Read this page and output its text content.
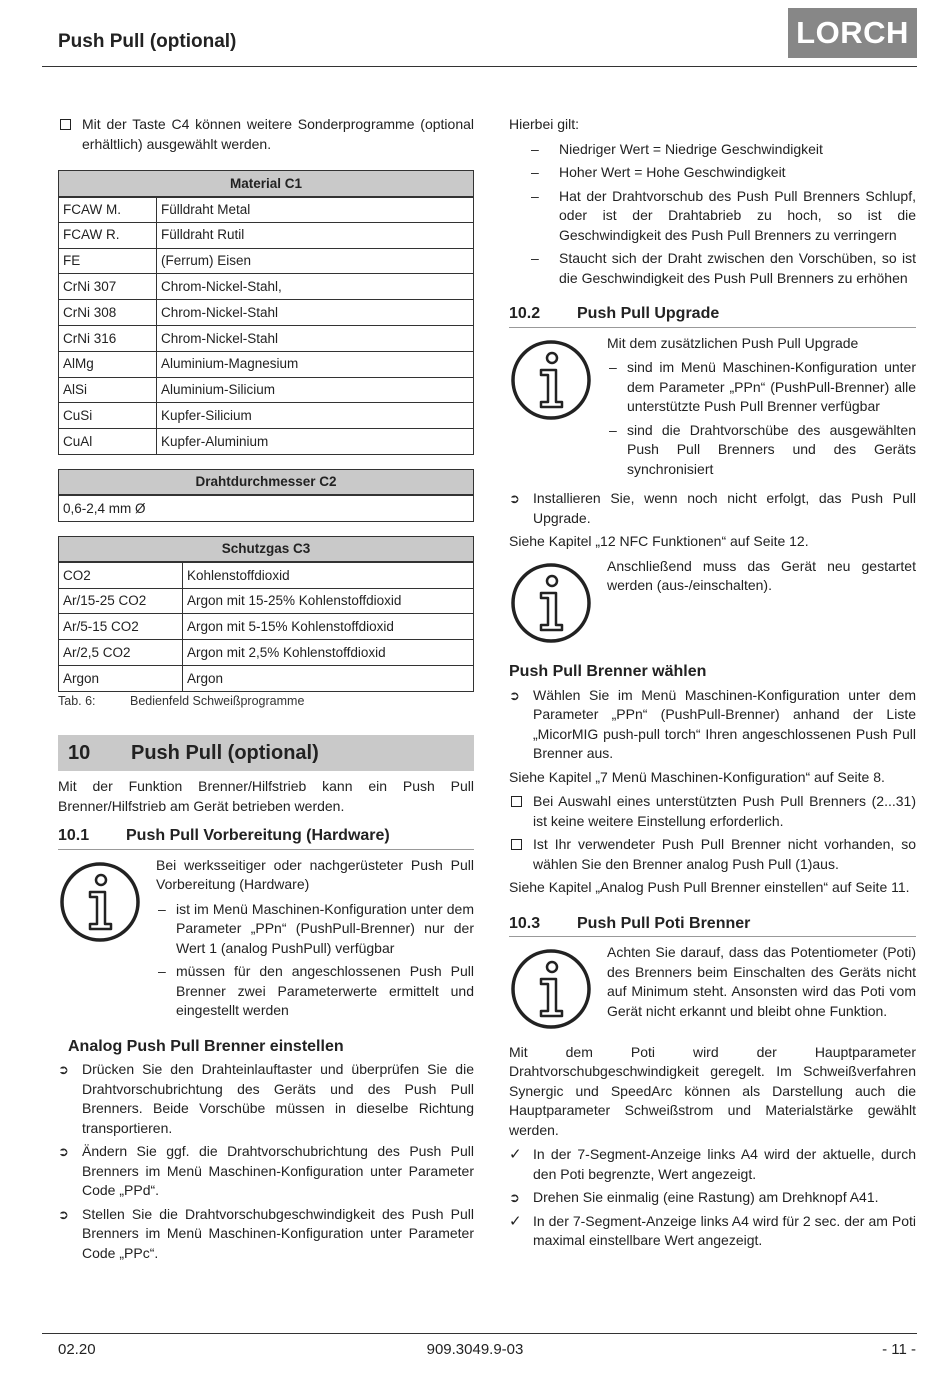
Push Pull (optional)	LORCH
Mit der Taste C4 können weitere Sonderprogramme (optional erhältlich) ausgewählt werden.
Material C1	
FCAW M.	Fülldraht Metal
FCAW R.	Fülldraht Rutil
FE	(Ferrum) Eisen
CrNi 307	Chrom-Nickel-Stahl,
CrNi 308	Chrom-Nickel-Stahl
CrNi 316	Chrom-Nickel-Stahl
AlMg	Aluminium-Magnesium
AlSi	Aluminium-Silicium
CuSi	Kupfer-Silicium
CuAl	Kupfer-Aluminium
Drahtdurchmesser C2
0,6-2,4 mm Ø
Schutzgas C3	
CO2	Kohlenstoffdioxid
Ar/15-25 CO2	Argon mit 15-25% Kohlenstoffdioxid
Ar/5-15 CO2	Argon mit 5-15% Kohlenstoffdioxid
Ar/2,5 CO2	Argon mit 2,5% Kohlenstoffdioxid
Argon	Argon
Tab. 6:	Bedienfeld Schweißprogramme
10	Push Pull (optional)

Mit der Funktion Brenner/Hilfstrieb kann ein Push Pull Brenner/Hilfstrieb am Gerät betrieben werden.

10.1	Push Pull Vorbereitung (Hardware)

Bei werksseitiger oder nachgerüsteter Push Pull Vorbereitung (Hardware)

– ist im Menü Maschinen-Konfiguration unter dem Parameter „PPn“ (PushPull-Brenner) nur der Wert 1 (analog PushPull) verfügbar
– müssen für den angeschlossenen Push Pull Brenner zwei Parameterwerte ermittelt und eingestellt werden
Analog Push Pull Brenner einstellen
➲ Drücken Sie den Drahteinlauftaster und überprüfen Sie die Drahtvorschubrichtung des Geräts und des Push Pull Brenners. Beide Vorschübe müssen in dieselbe Richtung transportieren.
➲ Ändern Sie ggf. die Drahtvorschubrichtung des Push Pull Brenners im Menü Maschinen-Konfiguration unter Parameter Code „PPd“.
➲ Stellen Sie die Drahtvorschubgeschwindigkeit des Push Pull Brenners im Menü Maschinen-Konfiguration unter Parameter Code „PPc“.

Hierbei gilt:

– Niedriger Wert = Niedrige Geschwindigkeit
– Hoher Wert = Hohe Geschwindigkeit
– Hat der Drahtvorschub des Push Pull Brenners Schlupf, oder ist der Drahtabrieb zu hoch, so ist die Geschwindigkeit des Push Pull Brenners zu verringern
– Staucht sich der Draht zwischen den Vorschüben, so ist die Geschwindigkeit des Push Pull Brenners zu erhöhen
10.2	Push Pull Upgrade

Mit dem zusätzlichen Push Pull Upgrade

– sind im Menü Maschinen-Konfiguration unter dem Parameter „PPn“ (PushPull-Brenner) alle unterstützte Push Pull Brenner verfügbar
– sind die Drahtvorschübe des ausgewählten Push Pull Brenners und des Geräts synchronisiert
➲ Installieren Sie, wenn noch nicht erfolgt, das Push Pull Upgrade.

Siehe Kapitel „12 NFC Funktionen“ auf Seite 12.

Anschließend muss das Gerät neu gestartet werden (aus-/einschalten).

Push Pull Brenner wählen
➲ Wählen Sie im Menü Maschinen-Konfiguration unter dem Parameter „PPn“ (PushPull-Brenner) anhand der Liste „MicorMIG push-pull torch“ Ihren angeschlossenen Push Pull Brenner aus.

Siehe Kapitel „7 Menü Maschinen-Konfiguration“ auf Seite 8.

Bei Auswahl eines unterstützten Push Pull Brenners (2...31) ist keine weitere Einstellung erforderlich.
Ist Ihr verwendeter Push Pull Brenner nicht vorhanden, so wählen Sie den Brenner analog Push Pull (1)aus.

Siehe Kapitel „Analog Push Pull Brenner einstellen“ auf Seite 11.

10.3	Push Pull Poti Brenner

Achten Sie darauf, dass das Potentiometer (Poti) des Brenners beim Einschalten des Geräts nicht auf Minimum steht. Ansonsten wird das Poti vom Gerät nicht erkannt und bleibt ohne Funktion.

Mit dem Poti wird der Hauptparameter Drahtvorschubgeschwindigkeit geregelt. Im Schweißverfahren Synergic und SpeedArc können als Darstellung auch die Hauptparameter Schweißstrom und Materialstärke gewählt werden.

✓ In der 7-Segment-Anzeige links A4 wird der aktuelle, durch den Poti begrenzte, Wert angezeigt.
➲ Drehen Sie einmalig (eine Rastung) am Drehknopf A41.
✓ In der 7-Segment-Anzeige links A4 wird für 2 sec. der am Poti maximal einstellbare Wert angezeigt.
02.20	909.3049.9-03	- 11 -
